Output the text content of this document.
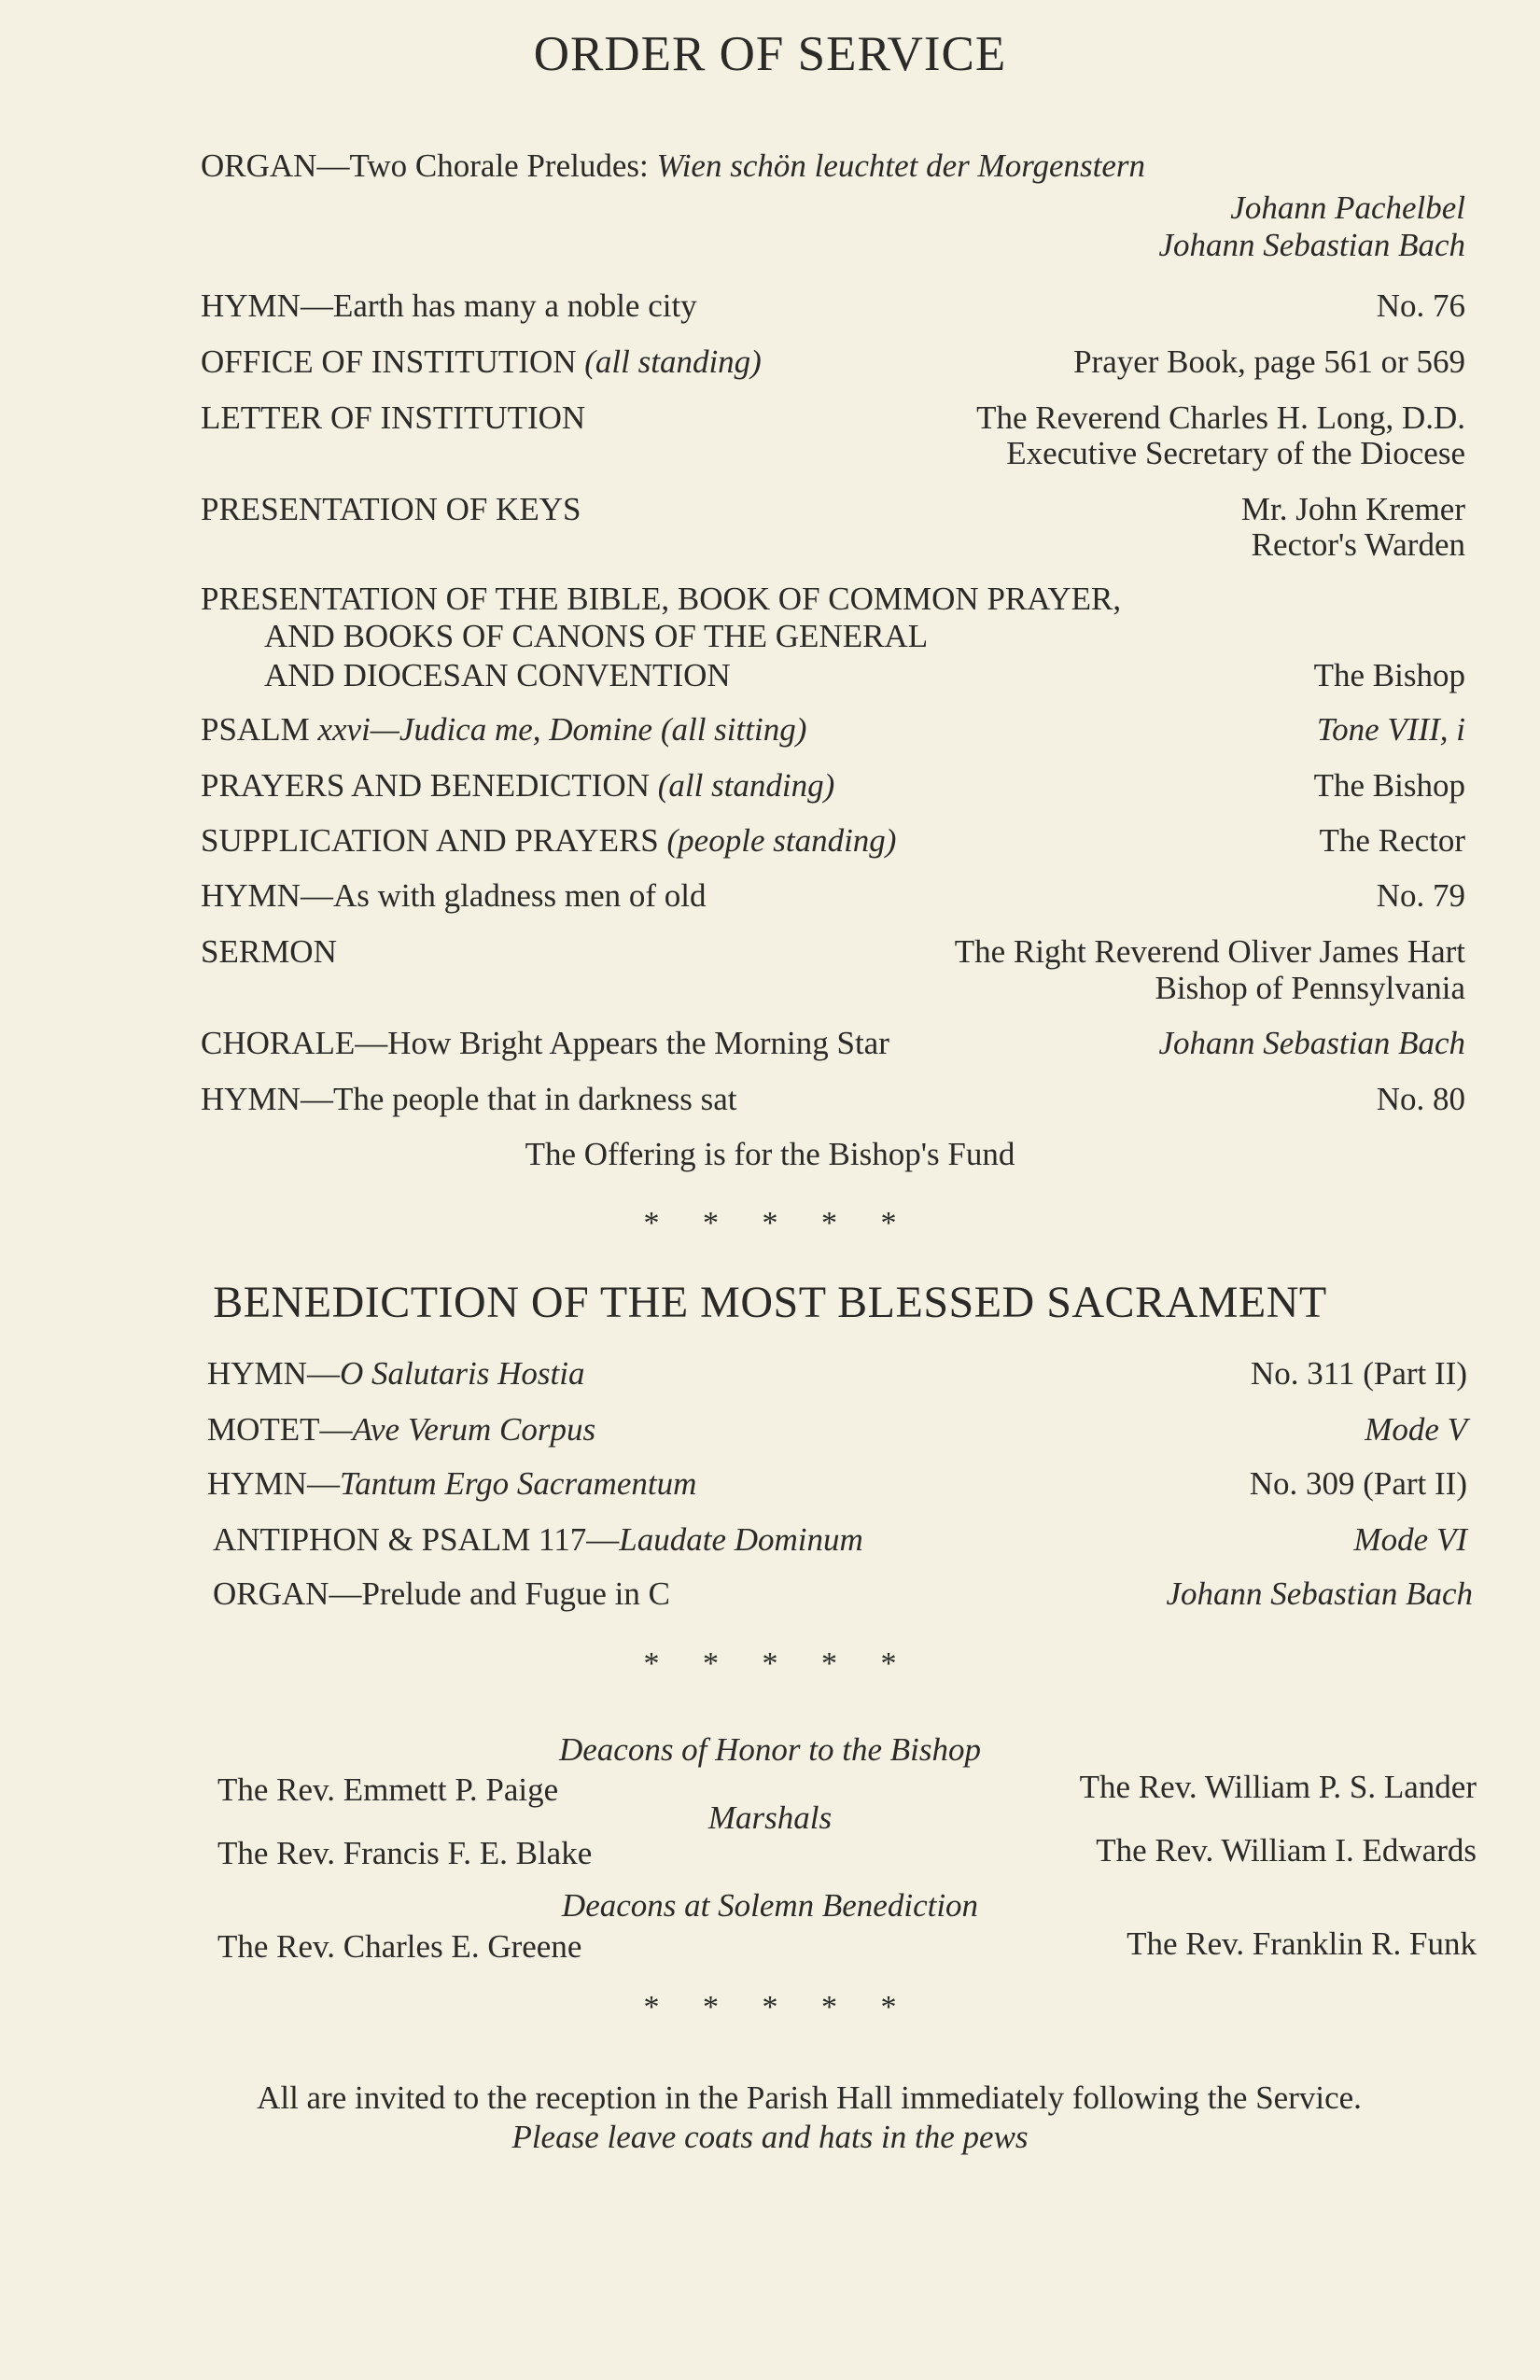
ORDER OF SERVICE
ORGAN—Two Chorale Preludes: Wien schön leuchtet der Morgenstern
Johann Pachelbel
Johann Sebastian Bach
HYMN—Earth has many a noble city	No. 76
OFFICE OF INSTITUTION (all standing)	Prayer Book, page 561 or 569
LETTER OF INSTITUTION	The Reverend Charles H. Long, D.D.
Executive Secretary of the Diocese
PRESENTATION OF KEYS	Mr. John Kremer
Rector's Warden
PRESENTATION OF THE BIBLE, BOOK OF COMMON PRAYER,
AND BOOKS OF CANONS OF THE GENERAL
AND DIOCESAN CONVENTION	The Bishop
PSALM xxvi—Judica me, Domine (all sitting)	Tone VIII, i
PRAYERS AND BENEDICTION (all standing)	The Bishop
SUPPLICATION AND PRAYERS (people standing)	The Rector
HYMN—As with gladness men of old	No. 79
SERMON	The Right Reverend Oliver James Hart
Bishop of Pennsylvania
CHORALE—How Bright Appears the Morning Star	Johann Sebastian Bach
HYMN—The people that in darkness sat	No. 80
The Offering is for the Bishop's Fund
* * * * *
BENEDICTION OF THE MOST BLESSED SACRAMENT
HYMN—O Salutaris Hostia	No. 311 (Part II)
MOTET—Ave Verum Corpus	Mode V
HYMN—Tantum Ergo Sacramentum	No. 309 (Part II)
ANTIPHON & PSALM 117—Laudate Dominum	Mode VI
ORGAN—Prelude and Fugue in C	Johann Sebastian Bach
* * * * *
Deacons of Honor to the Bishop
The Rev. Emmett P. Paige	The Rev. William P. S. Lander
Marshals
The Rev. Francis F. E. Blake	The Rev. William I. Edwards
Deacons at Solemn Benediction
The Rev. Charles E. Greene	The Rev. Franklin R. Funk
* * * * *
All are invited to the reception in the Parish Hall immediately following the Service.
Please leave coats and hats in the pews
